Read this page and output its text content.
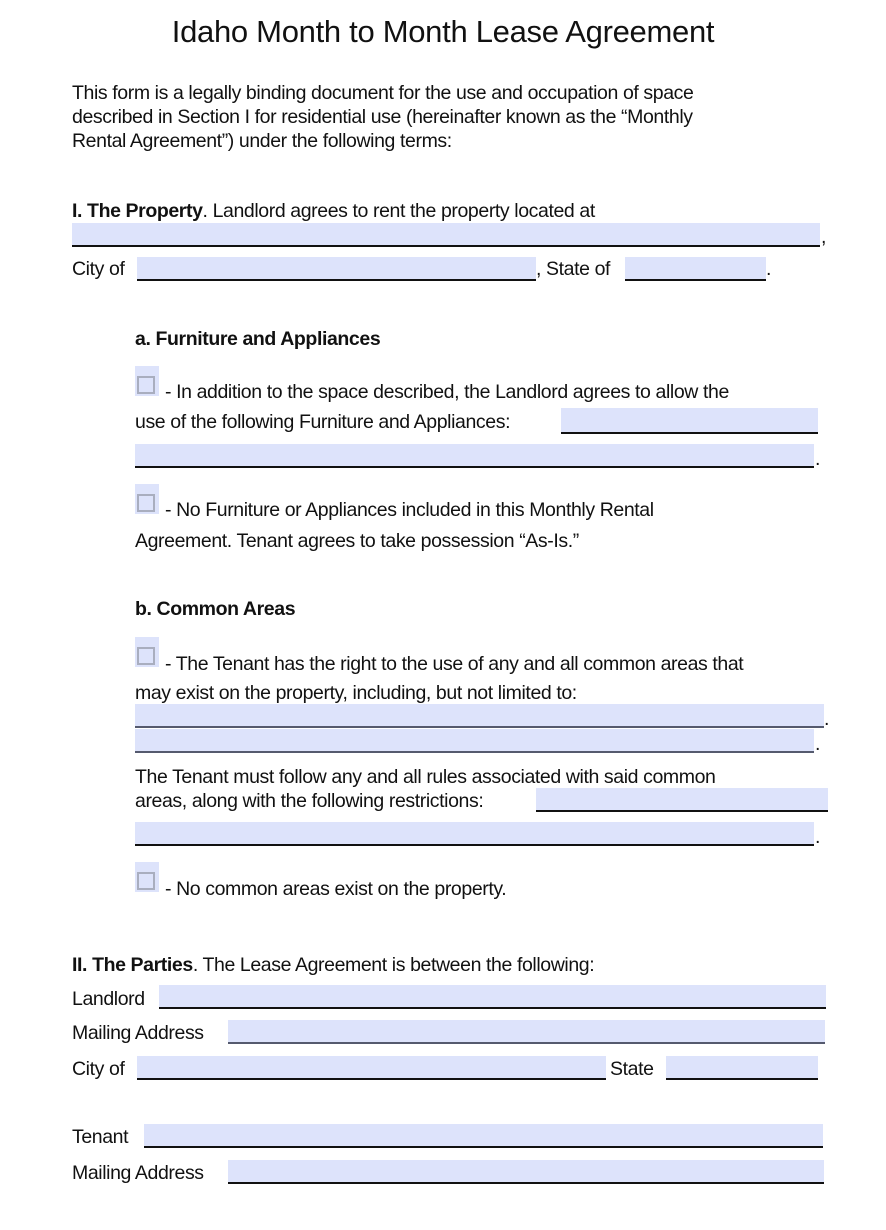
Idaho Month to Month Lease Agreement
This form is a legally binding document for the use and occupation of space
described in Section I for residential use (hereinafter known as the “Monthly
Rental Agreement”) under the following terms:
I. The Property. Landlord agrees to rent the property located at
,
City of	, State of	.
a. Furniture and Appliances
- In addition to the space described, the Landlord agrees to allow the
use of the following Furniture and Appliances:
.
- No Furniture or Appliances included in this Monthly Rental
Agreement. Tenant agrees to take possession “As-Is.”
b. Common Areas
- The Tenant has the right to the use of any and all common areas that
may exist on the property, including, but not limited to:
.
.
The Tenant must follow any and all rules associated with said common
areas, along with the following restrictions:
.
- No common areas exist on the property.
II. The Parties. The Lease Agreement is between the following:
Landlord
Mailing Address
City of	State
Tenant
Mailing Address
